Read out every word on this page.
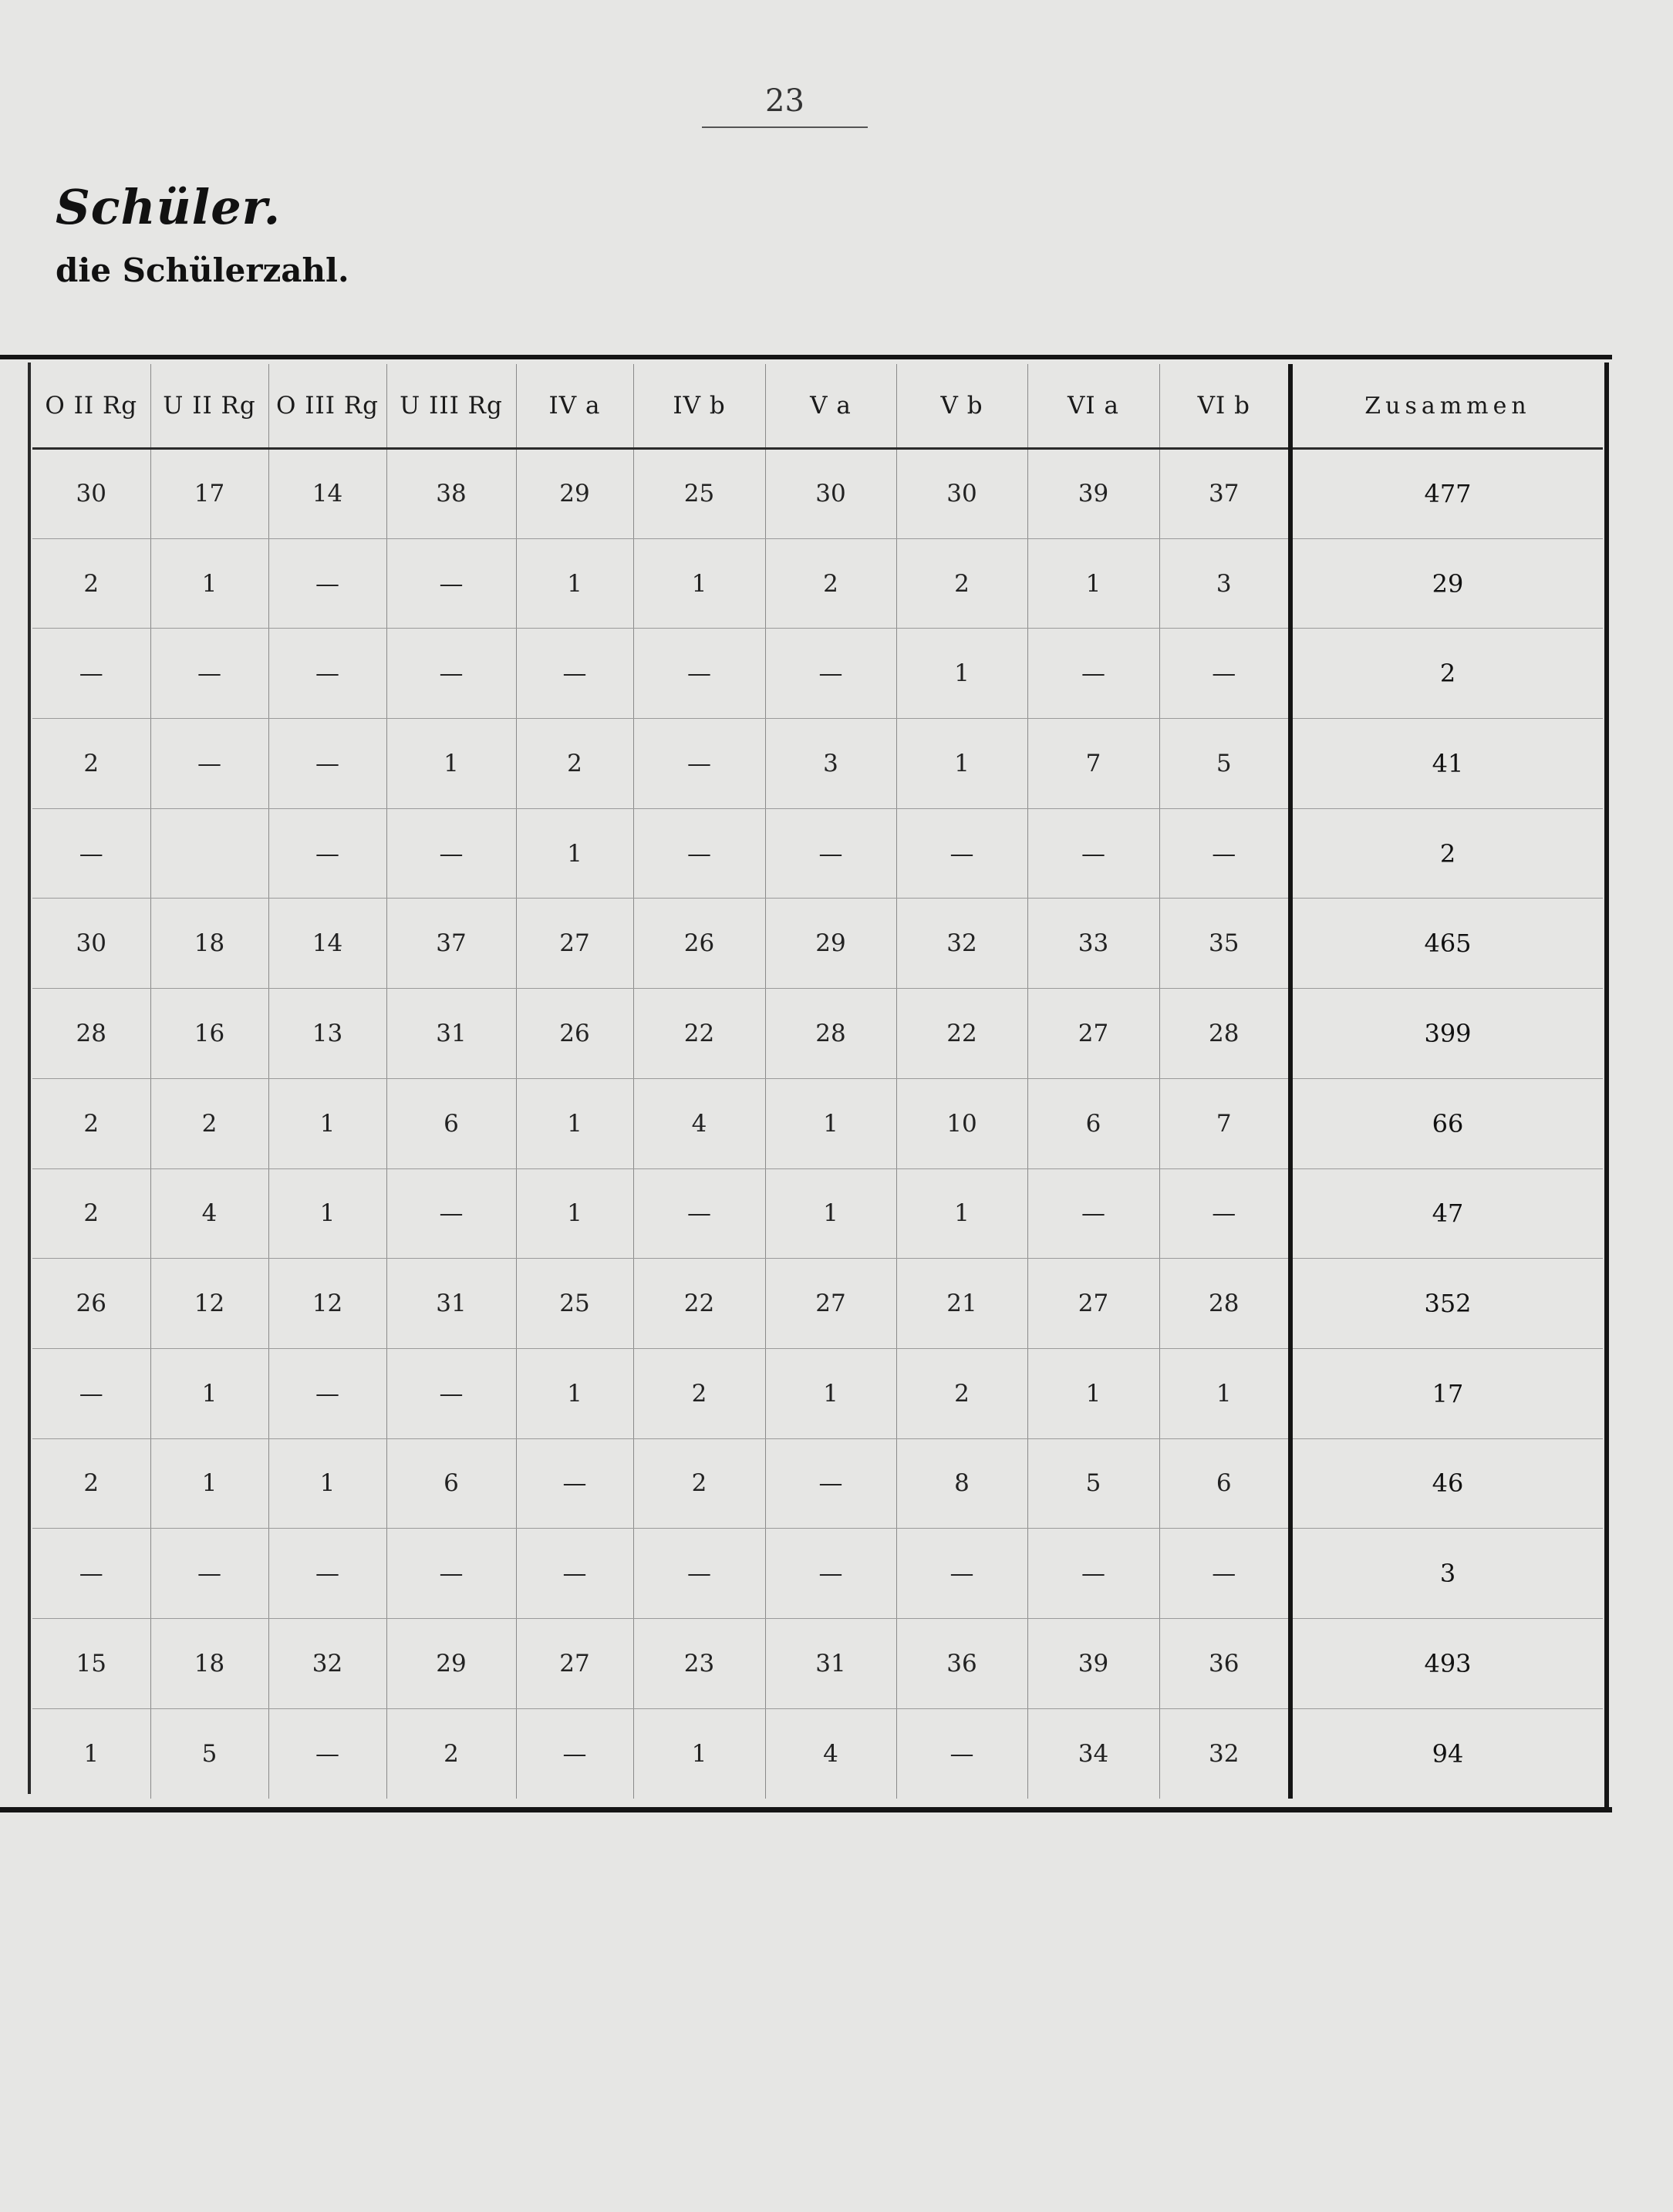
23
Schüler.
die Schülerzahl.
O II Rg	U II Rg	O III Rg	U III Rg	IV a	IV b	V a	V b	VI a	VI b	Zusammen
30	17	14	38	29	25	30	30	39	37	477
2	1	—	—	1	1	2	2	1	3	29
—	—	—	—	—	—	—	1	—	—	2
2	—	—	1	2	—	3	1	7	5	41
—		—	—	1	—	—	—	—	—	2
30	18	14	37	27	26	29	32	33	35	465
28	16	13	31	26	22	28	22	27	28	399
2	2	1	6	1	4	1	10	6	7	66
2	4	1	—	1	—	1	1	—	—	47
26	12	12	31	25	22	27	21	27	28	352
—	1	—	—	1	2	1	2	1	1	17
2	1	1	6	—	2	—	8	5	6	46
—	—	—	—	—	—	—	—	—	—	3
15	18	32	29	27	23	31	36	39	36	493
1	5	—	2	—	1	4	—	34	32	94
